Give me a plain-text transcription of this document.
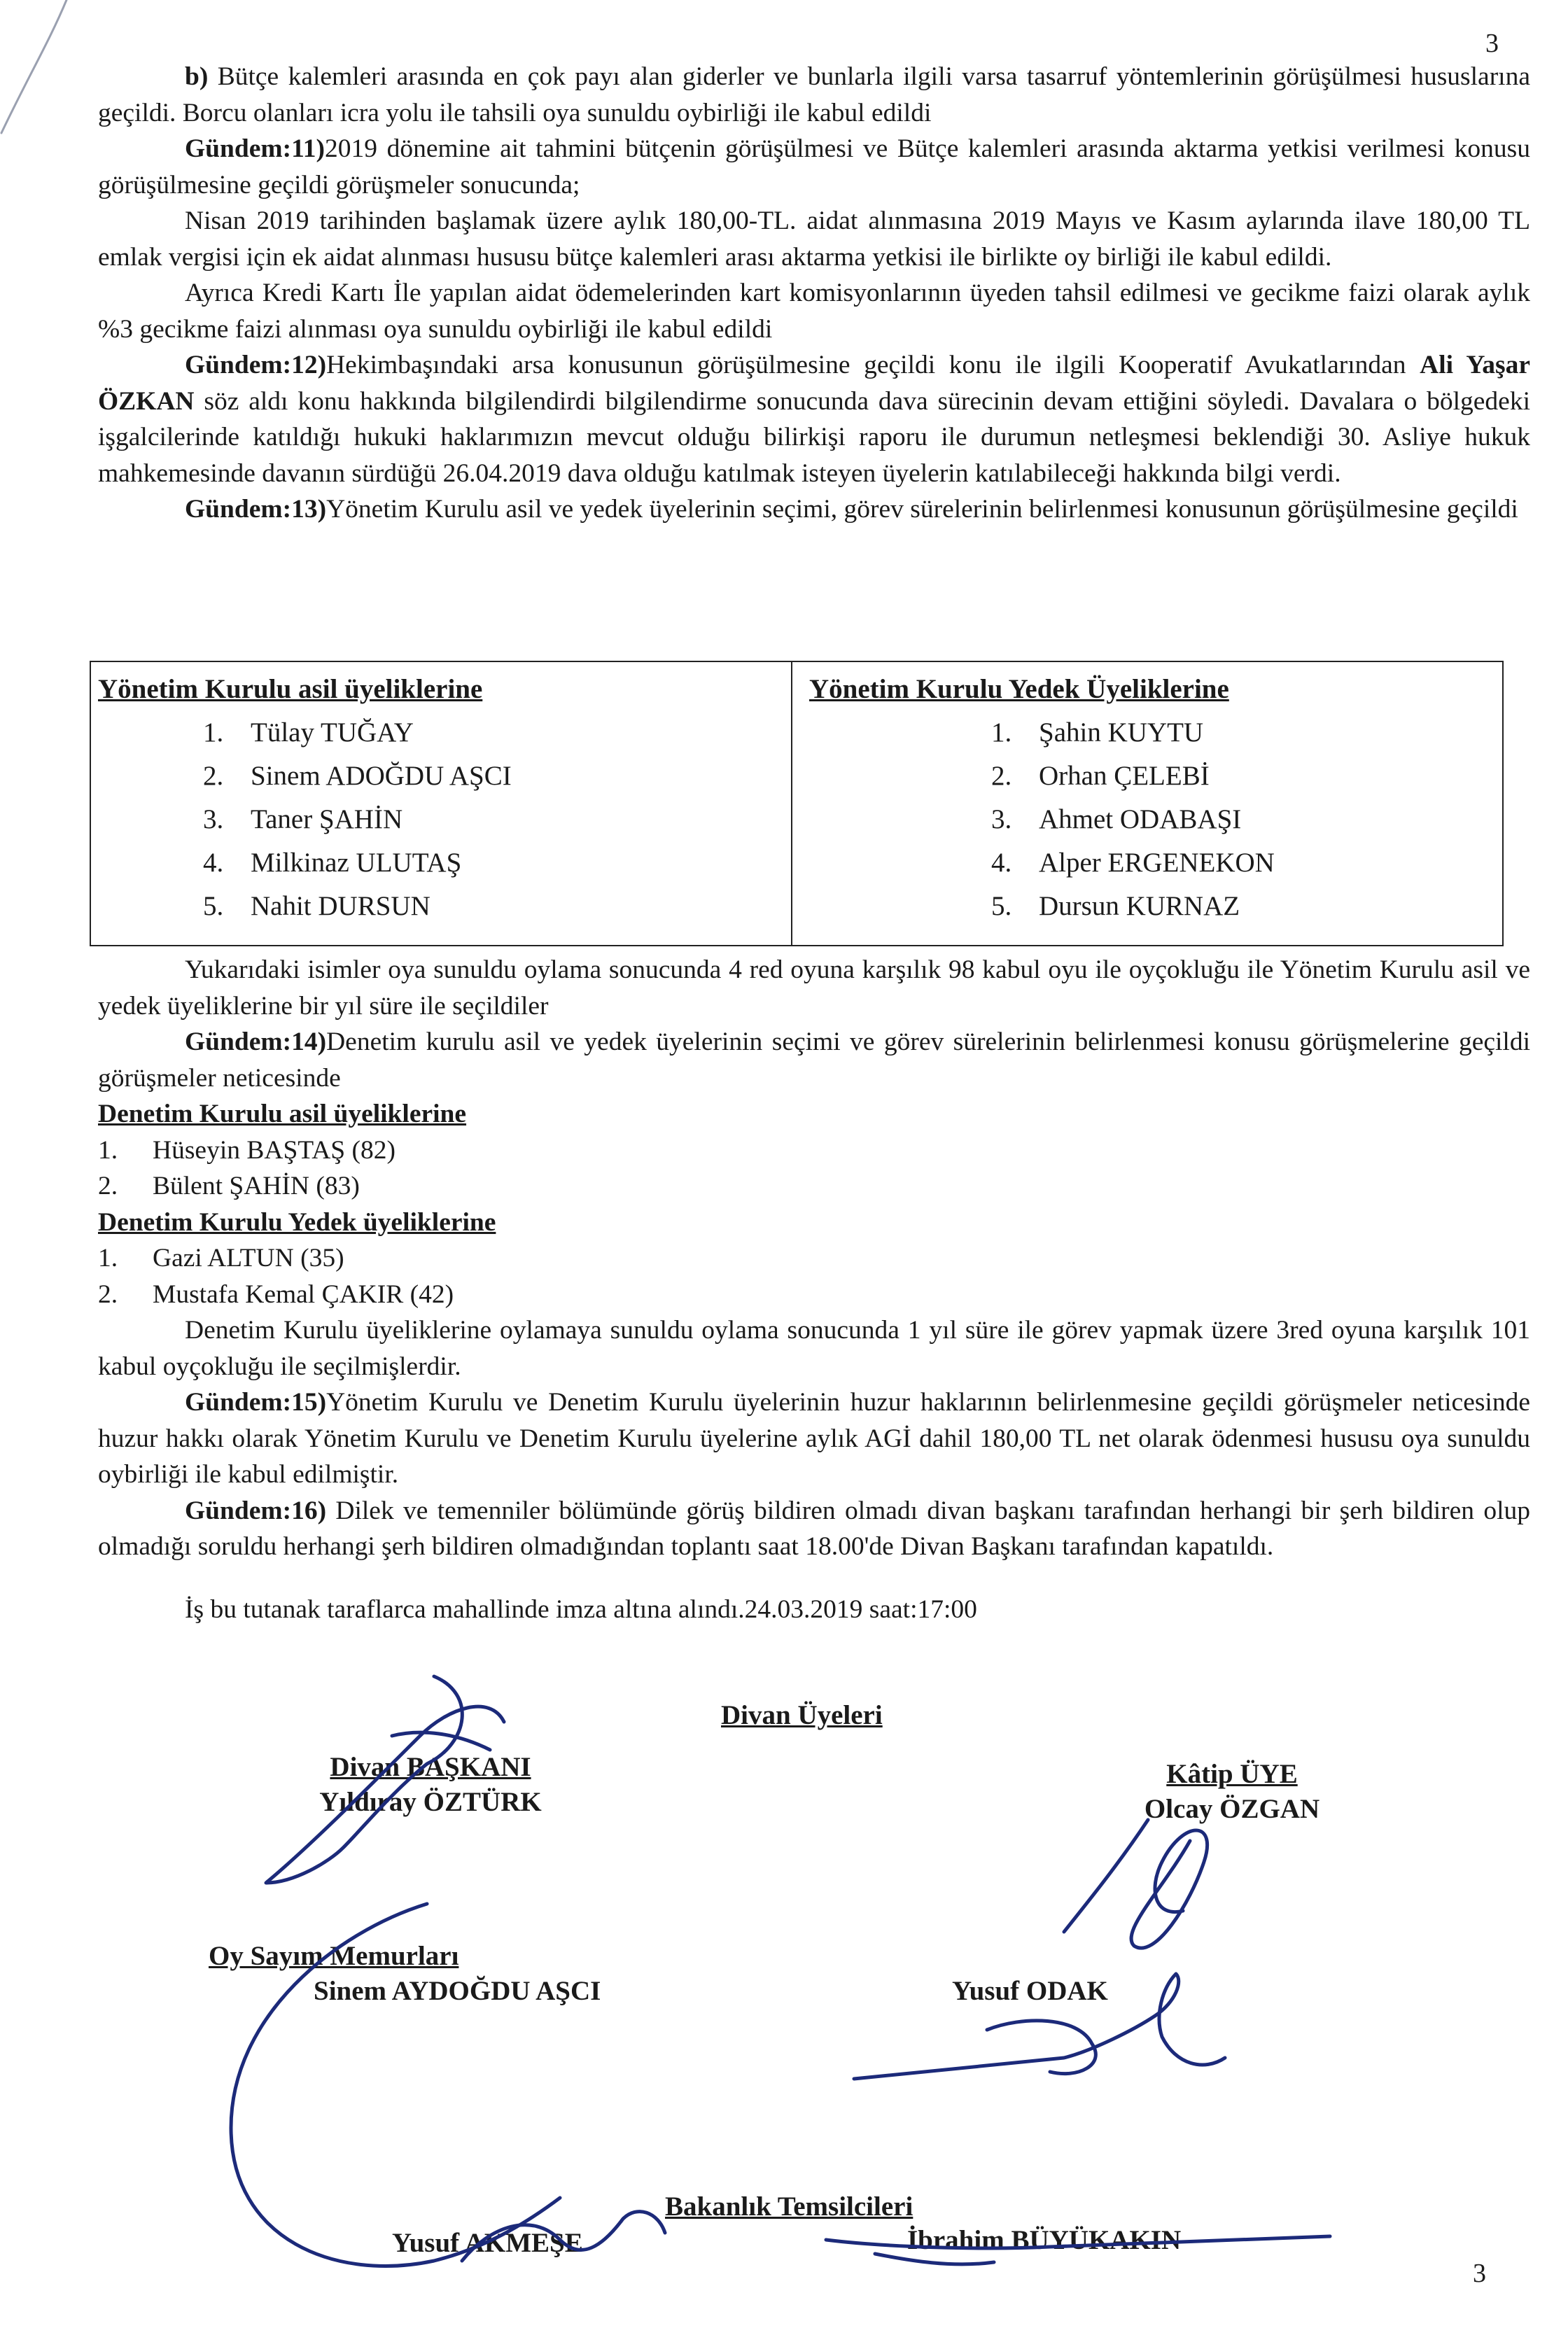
3

b) Bütçe kalemleri arasında en çok payı alan giderler ve bunlarla ilgili varsa tasarruf yöntemlerinin görüşülmesi hususlarına geçildi. Borcu olanları icra yolu ile tahsili oya sunuldu oybirliği ile kabul edildi

Gündem:11)2019 dönemine ait tahmini bütçenin görüşülmesi ve Bütçe kalemleri arasında aktarma yetkisi verilmesi konusu görüşülmesine geçildi görüşmeler sonucunda;

Nisan 2019 tarihinden başlamak üzere aylık 180,00-TL. aidat alınmasına 2019 Mayıs ve Kasım aylarında ilave 180,00 TL emlak vergisi için ek aidat alınması hususu bütçe kalemleri arası aktarma yetkisi ile birlikte oy birliği ile kabul edildi.

Ayrıca Kredi Kartı İle yapılan aidat ödemelerinden kart komisyonlarının üyeden tahsil edilmesi ve gecikme faizi olarak aylık %3 gecikme faizi alınması oya sunuldu oybirliği ile kabul edildi

Gündem:12)Hekimbaşındaki arsa konusunun görüşülmesine geçildi konu ile ilgili Kooperatif Avukatlarından Ali Yaşar ÖZKAN söz aldı konu hakkında bilgilendirdi bilgilendirme sonucunda dava sürecinin devam ettiğini söyledi. Davalara o bölgedeki işgalcilerinde katıldığı hukuki haklarımızın mevcut olduğu bilirkişi raporu ile durumun netleşmesi beklendiği 30. Asliye hukuk mahkemesinde davanın sürdüğü 26.04.2019 dava olduğu katılmak isteyen üyelerin katılabileceği hakkında bilgi verdi.

Gündem:13)Yönetim Kurulu asil ve yedek üyelerinin seçimi, görev sürelerinin belirlenmesi konusunun görüşülmesine geçildi

Yönetim Kurulu asil üyeliklerine
1. Tülay TUĞAY
2. Sinem ADOĞDU AŞCI
3. Taner ŞAHİN
4. Milkinaz ULUTAŞ
5. Nahit DURSUN
Yönetim Kurulu Yedek Üyeliklerine
1. Şahin KUYTU
2. Orhan ÇELEBİ
3. Ahmet ODABAŞI
4. Alper ERGENEKON
5. Dursun KURNAZ

Yukarıdaki isimler oya sunuldu oylama sonucunda 4 red oyuna karşılık 98 kabul oyu ile oyçokluğu ile Yönetim Kurulu asil ve yedek üyeliklerine bir yıl süre ile seçildiler

Gündem:14)Denetim kurulu asil ve yedek üyelerinin seçimi ve görev sürelerinin belirlenmesi konusu görüşmelerine geçildi görüşmeler neticesinde

Denetim Kurulu asil üyeliklerine

1. Hüseyin BAŞTAŞ (82)

2. Bülent ŞAHİN (83)

Denetim Kurulu Yedek üyeliklerine

1. Gazi ALTUN (35)

2. Mustafa Kemal ÇAKIR (42)

Denetim Kurulu üyeliklerine oylamaya sunuldu oylama sonucunda 1 yıl süre ile görev yapmak üzere 3red oyuna karşılık 101 kabul oyçokluğu ile seçilmişlerdir.

Gündem:15)Yönetim Kurulu ve Denetim Kurulu üyelerinin huzur haklarının belirlenmesine geçildi görüşmeler neticesinde huzur hakkı olarak Yönetim Kurulu ve Denetim Kurulu üyelerine aylık AGİ dahil 180,00 TL net olarak ödenmesi hususu oya sunuldu oybirliği ile kabul edilmiştir.

Gündem:16) Dilek ve temenniler bölümünde görüş bildiren olmadı divan başkanı tarafından herhangi bir şerh bildiren olup olmadığı soruldu herhangi şerh bildiren olmadığından toplantı saat 18.00'de Divan Başkanı tarafından kapatıldı.

İş bu tutanak taraflarca mahallinde imza altına alındı.24.03.2019 saat:17:00

Divan Üyeleri
Divan BAŞKANI
Yıldıray ÖZTÜRK
Kâtip ÜYE
Olcay ÖZGAN
Oy Sayım Memurları
Sinem AYDOĞDU AŞCI	Yusuf ODAK
Bakanlık Temsilcileri
Yusuf AKMEŞE	İbrahim BÜYÜKAKIN
3
